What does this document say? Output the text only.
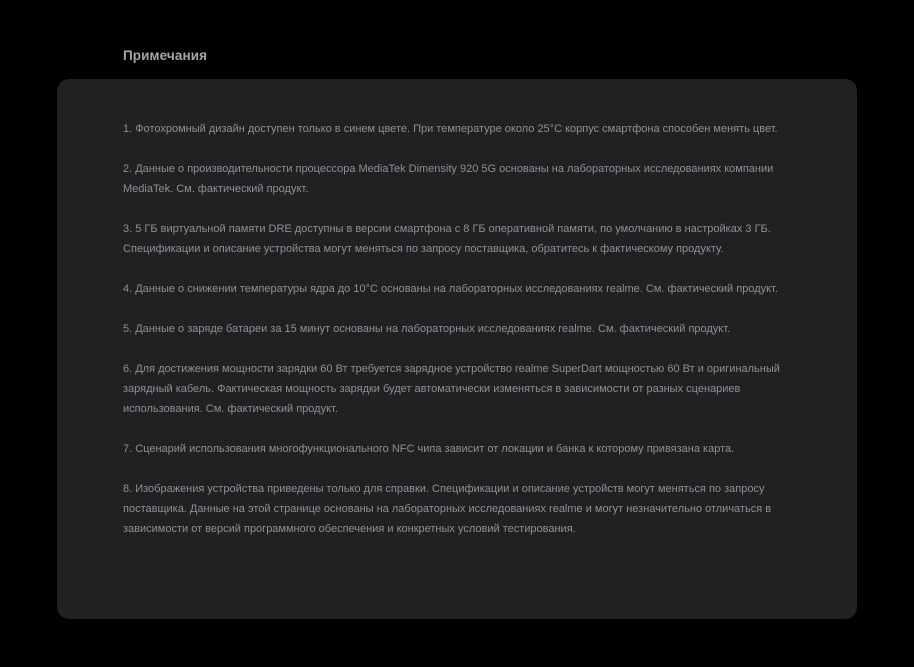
Примечания
1. Фотохромный дизайн доступен только в синем цвете. При температуре около 25°C корпус смартфона способен менять цвет.
2. Данные о производительности процессора MediaTek Dimensity 920 5G основаны на лабораторных исследованиях компании MediaTek. См. фактический продукт.
3. 5 ГБ виртуальной памяти DRE доступны в версии смартфона с 8 ГБ оперативной памяти, по умолчанию в настройках 3 ГБ. Спецификации и описание устройства могут меняться по запросу поставщика, обратитесь к фактическому продукту.
4. Данные о снижении температуры ядра до 10°C основаны на лабораторных исследованиях realme. См. фактический продукт.
5. Данные о заряде батареи за 15 минут основаны на лабораторных исследованиях realme. См. фактический продукт.
6. Для достижения мощности зарядки 60 Вт требуется зарядное устройство realme SuperDart мощностью 60 Вт и оригинальный зарядный кабель. Фактическая мощность зарядки будет автоматически изменяться в зависимости от разных сценариев использования. См. фактический продукт.
7. Сценарий использования многофункционального NFC чипа зависит от локации и банка к которому привязана карта.
8. Изображения устройства приведены только для справки. Спецификации и описание устройств могут меняться по запросу поставщика. Данные на этой странице основаны на лабораторных исследованиях realme и могут незначительно отличаться в зависимости от версий программного обеспечения и конкретных условий тестирования.
